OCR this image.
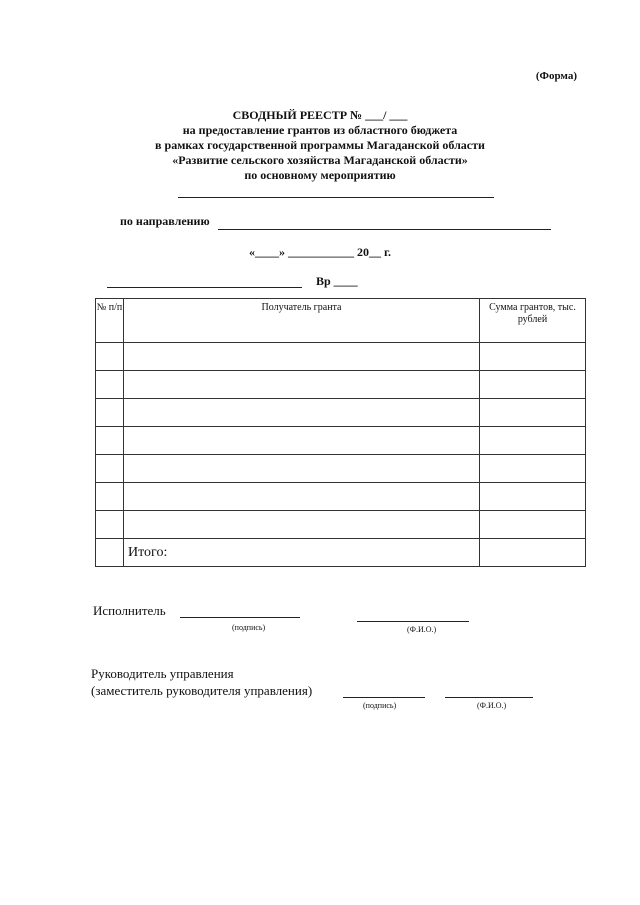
(Форма)
СВОДНЫЙ РЕЕСТР № ___/ ___
на предоставление грантов из областного бюджета
в рамках государственной программы Магаданской области
«Развитие сельского хозяйства Магаданской области»
по основному мероприятию
по направлению
«____» ___________ 20__ г.
Вр ____
№ п/п	Получатель гранта	Сумма грантов, тыс. рублей

	Итого:	
Исполнитель
(подпись)	(Ф.И.О.)
Руководитель управления
(заместитель руководителя управления)
(подпись)	(Ф.И.О.)
